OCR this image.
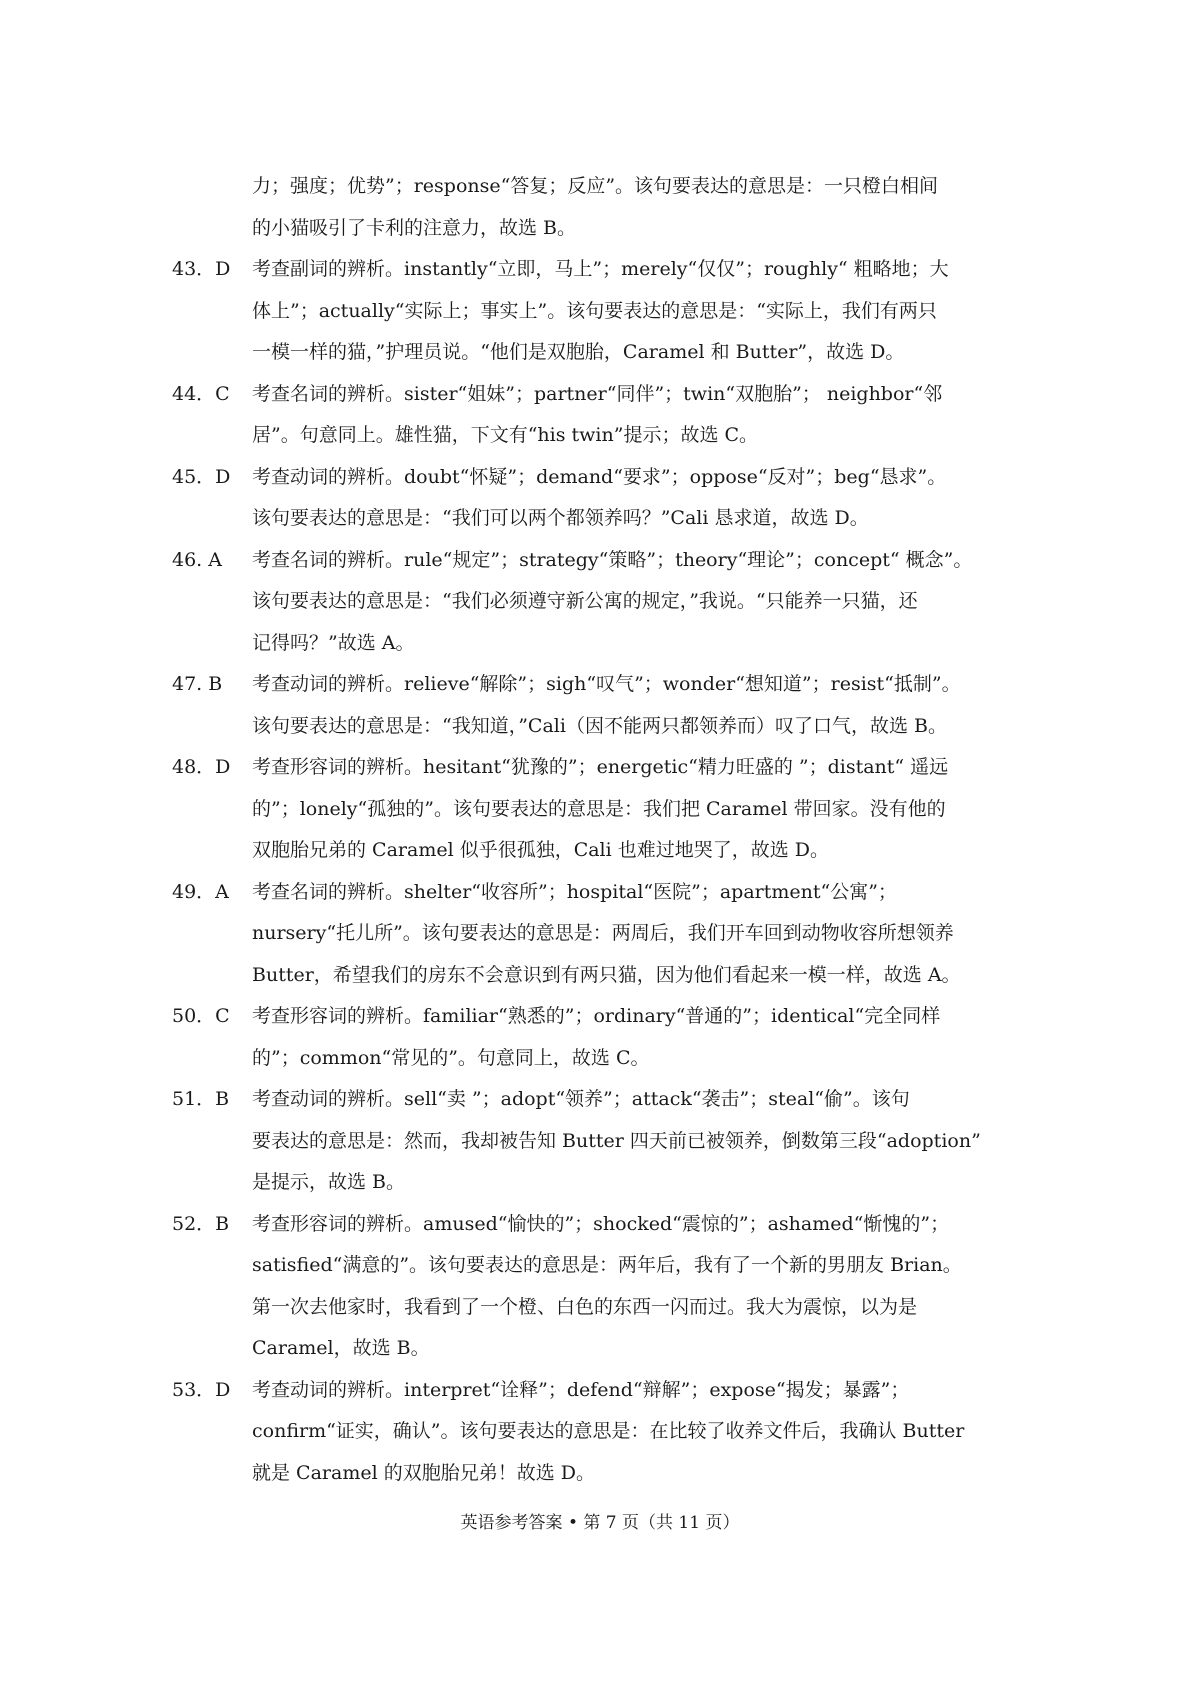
力；强度；优势”；response“答复；反应”。该句要表达的意思是：一只橙白相间
的小猫吸引了卡利的注意力，故选 B。
43．D	考查副词的辨析。instantly“立即，马上”；merely“仅仅”；roughly“ 粗略地；大
体上”；actually“实际上；事实上”。该句要表达的意思是：“实际上，我们有两只
一模一样的猫，”护理员说。“他们是双胞胎，Caramel 和 Butter”，故选 D。
44．C	考查名词的辨析。sister“姐妹”；partner“同伴”；twin“双胞胎”； neighbor“邻
居”。句意同上。雄性猫，下文有“his twin”提示；故选 C。
45．D	考查动词的辨析。doubt“怀疑”；demand“要求”；oppose“反对”；beg“恳求”。
该句要表达的意思是：“我们可以两个都领养吗？”Cali 恳求道，故选 D。
46. A	考查名词的辨析。rule“规定”；strategy“策略”；theory“理论”；concept“ 概念”。
该句要表达的意思是：“我们必须遵守新公寓的规定，”我说。“只能养一只猫，还
记得吗？”故选 A。
47. B	考查动词的辨析。relieve“解除”；sigh“叹气”；wonder“想知道”；resist“抵制”。
该句要表达的意思是：“我知道，”Cali（因不能两只都领养而）叹了口气，故选 B。
48．D	考查形容词的辨析。hesitant“犹豫的”；energetic“精力旺盛的 ”；distant“ 遥远
的”；lonely“孤独的”。该句要表达的意思是：我们把 Caramel 带回家。没有他的
双胞胎兄弟的 Caramel 似乎很孤独，Cali 也难过地哭了，故选 D。
49．A	考查名词的辨析。shelter“收容所”；hospital“医院”；apartment“公寓”；
nursery“托儿所”。该句要表达的意思是：两周后，我们开车回到动物收容所想领养
Butter，希望我们的房东不会意识到有两只猫，因为他们看起来一模一样，故选 A。
50．C	考查形容词的辨析。familiar“熟悉的”；ordinary“普通的”；identical“完全同样
的”；common“常见的”。句意同上，故选 C。
51．B	考查动词的辨析。sell“卖 ”；adopt“领养”；attack“袭击”；steal“偷”。该句
要表达的意思是：然而，我却被告知 Butter 四天前已被领养，倒数第三段“adoption”
是提示，故选 B。
52．B	考查形容词的辨析。amused“愉快的”；shocked“震惊的”；ashamed“惭愧的”；
satisfied“满意的”。该句要表达的意思是：两年后，我有了一个新的男朋友 Brian。
第一次去他家时，我看到了一个橙、白色的东西一闪而过。我大为震惊，以为是
Caramel，故选 B。
53．D	考查动词的辨析。interpret“诠释”；defend“辩解”；expose“揭发；暴露”；
confirm“证实，确认”。该句要表达的意思是：在比较了收养文件后，我确认 Butter
就是 Caramel 的双胞胎兄弟！故选 D。
英语参考答案 • 第 7 页（共 11 页）
